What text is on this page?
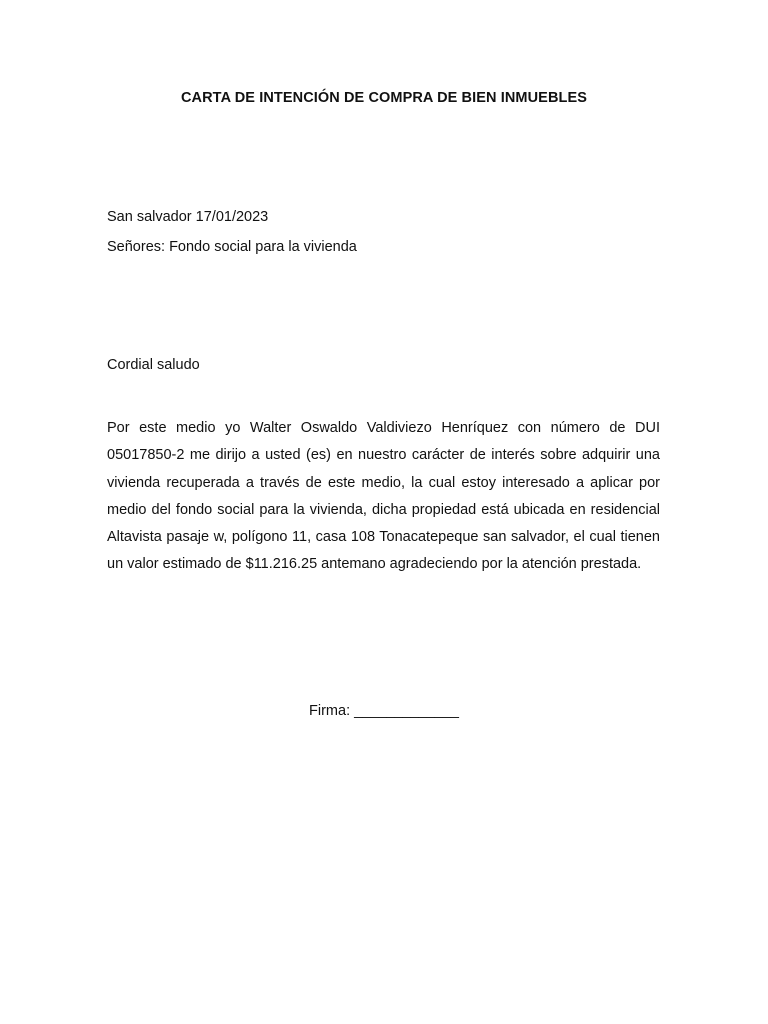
CARTA DE INTENCIÓN DE COMPRA DE BIEN INMUEBLES
San salvador 17/01/2023
Señores: Fondo social para la vivienda
Cordial saludo

Por este medio yo Walter Oswaldo Valdiviezo Henríquez con número de DUI 05017850-2 me dirijo a usted (es) en nuestro carácter de interés sobre adquirir una vivienda recuperada a través de este medio, la cual estoy interesado a aplicar por medio del fondo social para la vivienda, dicha propiedad está ubicada en residencial Altavista pasaje w, polígono 11, casa 108 Tonacatepeque san salvador, el cual tienen un valor estimado de $11.216.25 antemano agradeciendo por la atención prestada.

Firma: _____________
